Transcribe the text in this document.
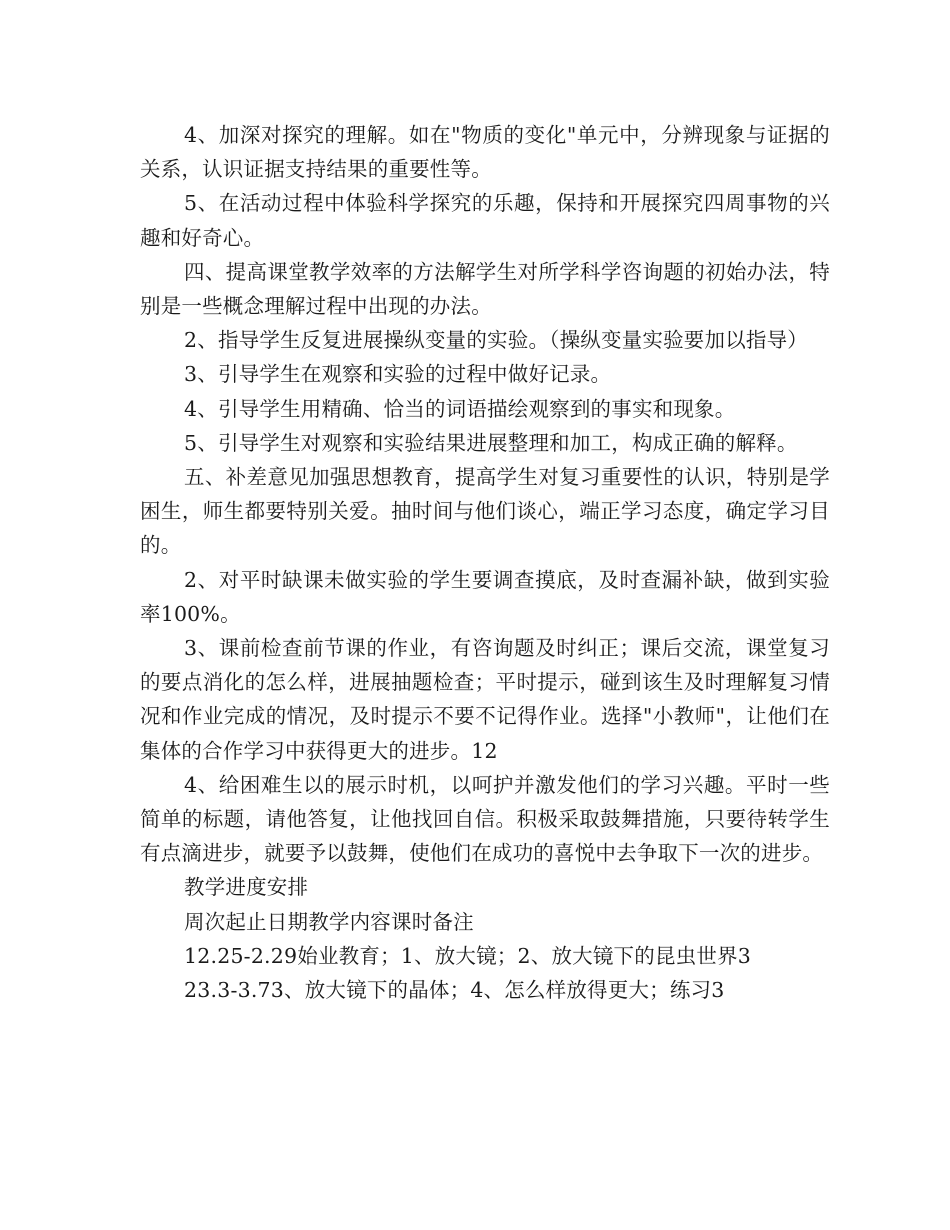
4、加深对探究的理解。如在"物质的变化"单元中，分辨现象与证据的关系，认识证据支持结果的重要性等。

5、在活动过程中体验科学探究的乐趣，保持和开展探究四周事物的兴趣和好奇心。

四、提高课堂教学效率的方法解学生对所学科学咨询题的初始办法，特别是一些概念理解过程中出现的办法。

2、指导学生反复进展操纵变量的实验。（操纵变量实验要加以指导）

3、引导学生在观察和实验的过程中做好记录。

4、引导学生用精确、恰当的词语描绘观察到的事实和现象。

5、引导学生对观察和实验结果进展整理和加工，构成正确的解释。

五、补差意见加强思想教育，提高学生对复习重要性的认识，特别是学困生，师生都要特别关爱。抽时间与他们谈心，端正学习态度，确定学习目的。

2、对平时缺课未做实验的学生要调查摸底，及时查漏补缺，做到实验率100%。

3、课前检查前节课的作业，有咨询题及时纠正；课后交流，课堂复习的要点消化的怎么样，进展抽题检查；平时提示，碰到该生及时理解复习情况和作业完成的情况，及时提示不要不记得作业。选择"小教师"，让他们在集体的合作学习中获得更大的进步。12

4、给困难生以的展示时机，以呵护并激发他们的学习兴趣。平时一些简单的标题，请他答复，让他找回自信。积极采取鼓舞措施，只要待转学生有点滴进步，就要予以鼓舞，使他们在成功的喜悦中去争取下一次的进步。

教学进度安排

周次起止日期教学内容课时备注

12.25-2.29始业教育；1、放大镜；2、放大镜下的昆虫世界3

23.3-3.73、放大镜下的晶体；4、怎么样放得更大；练习3
